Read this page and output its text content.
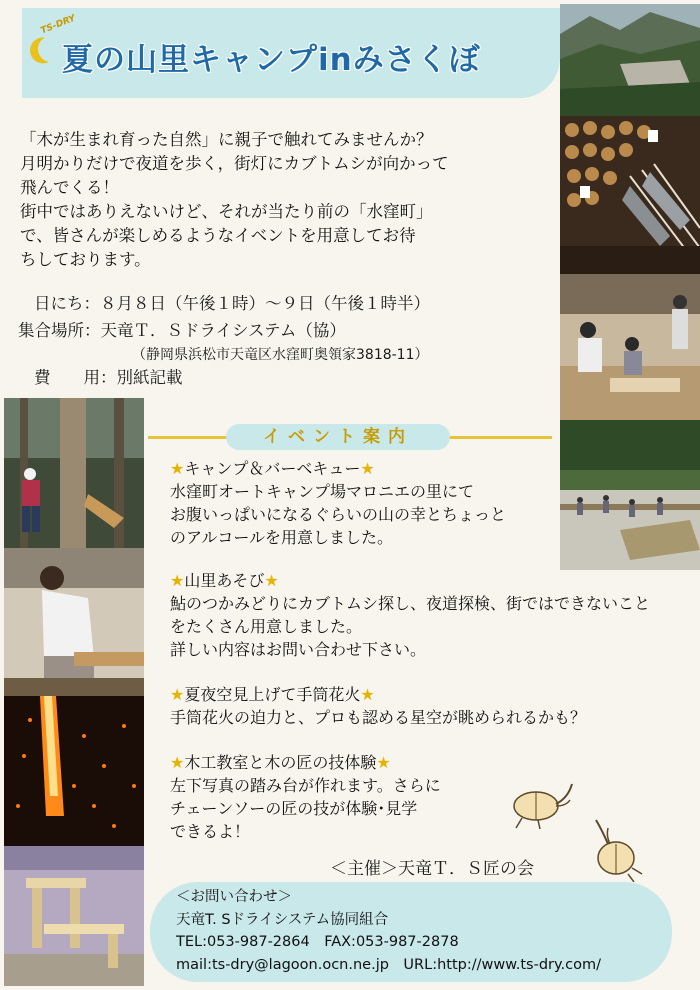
TS-DRY
夏の山里キャンプinみさくぼ
「木が生まれ育った自然」に親子で触れてみませんか？
月明かりだけで夜道を歩く，街灯にカブトムシが向かって
飛んでくる！
街中ではありえないけど、それが当たり前の「水窪町」
で、皆さんが楽しめるようなイベントを用意してお待
ちしております。
日にち：８月８日（午後１時）～９日（午後１時半）
集合場所：天竜Ｔ．Ｓドライシステム（協）
（静岡県浜松市天竜区水窪町奥領家3818-11）
費　　用：別紙記載
イベント案内
★キャンプ＆バーベキュー★
水窪町オートキャンプ場マロニエの里にて
お腹いっぱいになるぐらいの山の幸とちょっと
のアルコールを用意しました。
★山里あそび★
鮎のつかみどりにカブトムシ探し、夜道探検、街ではできないこと
をたくさん用意しました。
詳しい内容はお問い合わせ下さい。
★夏夜空見上げて手筒花火★
手筒花火の迫力と、プロも認める星空が眺められるかも？
★木工教室と木の匠の技体験★
左下写真の踏み台が作れます。さらに
チェーンソーの匠の技が体験･見学
できるよ！
＜主催＞天竜Ｔ．Ｓ匠の会
＜お問い合わせ＞
天竜T. Sドライシステム協同組合
TEL:053-987-2864　FAX:053-987-2878
mail:ts-dry@lagoon.ocn.ne.jp　URL:http://www.ts-dry.com/
